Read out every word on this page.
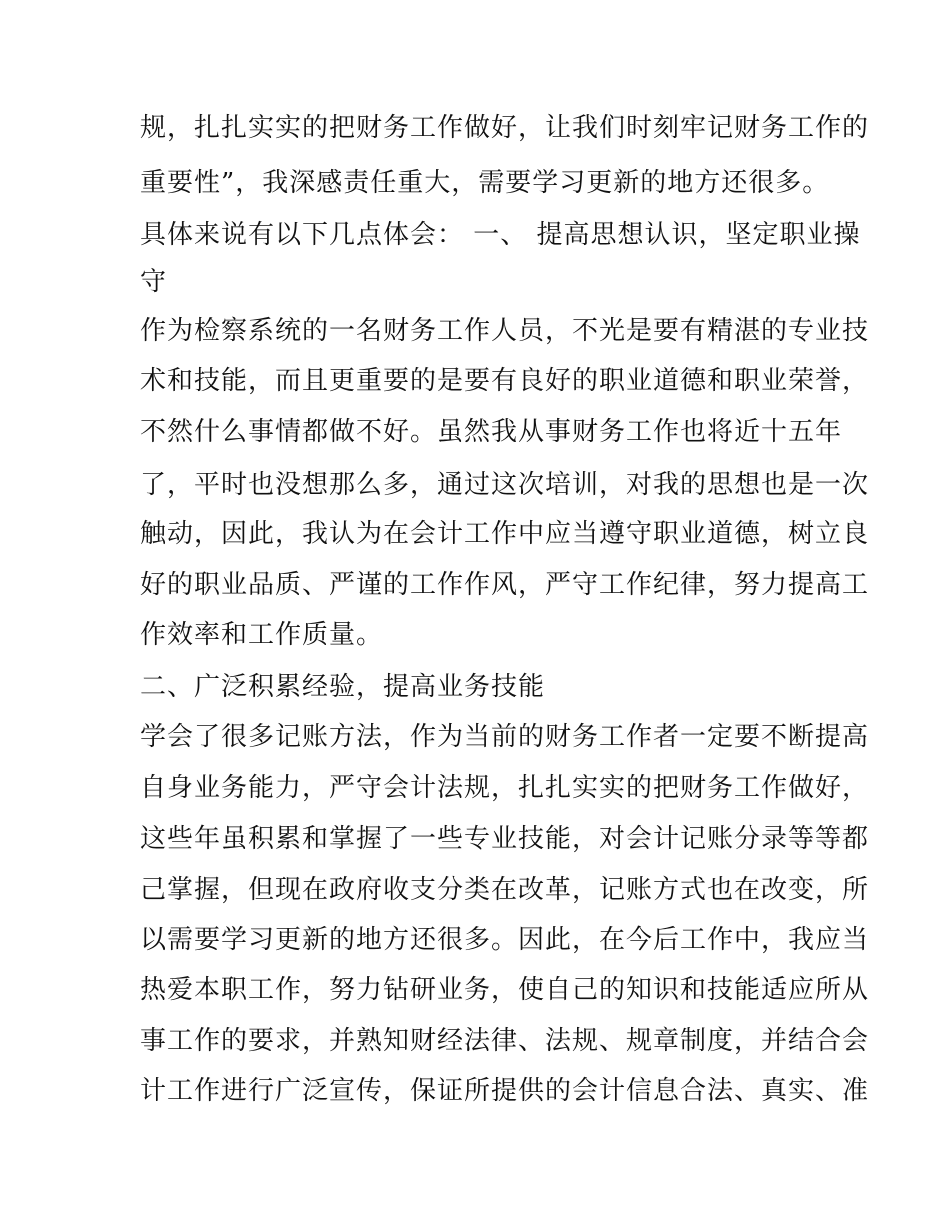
规，扎扎实实的把财务工作做好，让我们时刻牢记财务工作的
重要性”，我深感责任重大，需要学习更新的地方还很多。
具体来说有以下几点体会： 一、 提高思想认识，坚定职业操
守
作为检察系统的一名财务工作人员，不光是要有精湛的专业技
术和技能，而且更重要的是要有良好的职业道德和职业荣誉，
不然什么事情都做不好。虽然我从事财务工作也将近十五年
了，平时也没想那么多，通过这次培训，对我的思想也是一次
触动，因此，我认为在会计工作中应当遵守职业道德，树立良
好的职业品质、严谨的工作作风，严守工作纪律，努力提高工
作效率和工作质量。
二、广泛积累经验，提高业务技能
学会了很多记账方法，作为当前的财务工作者一定要不断提高
自身业务能力，严守会计法规，扎扎实实的把财务工作做好，
这些年虽积累和掌握了一些专业技能，对会计记账分录等等都
己掌握，但现在政府收支分类在改革，记账方式也在改变，所
以需要学习更新的地方还很多。因此，在今后工作中，我应当
热爱本职工作，努力钻研业务，使自己的知识和技能适应所从
事工作的要求，并熟知财经法律、法规、规章制度，并结合会
计工作进行广泛宣传，保证所提供的会计信息合法、真实、准
